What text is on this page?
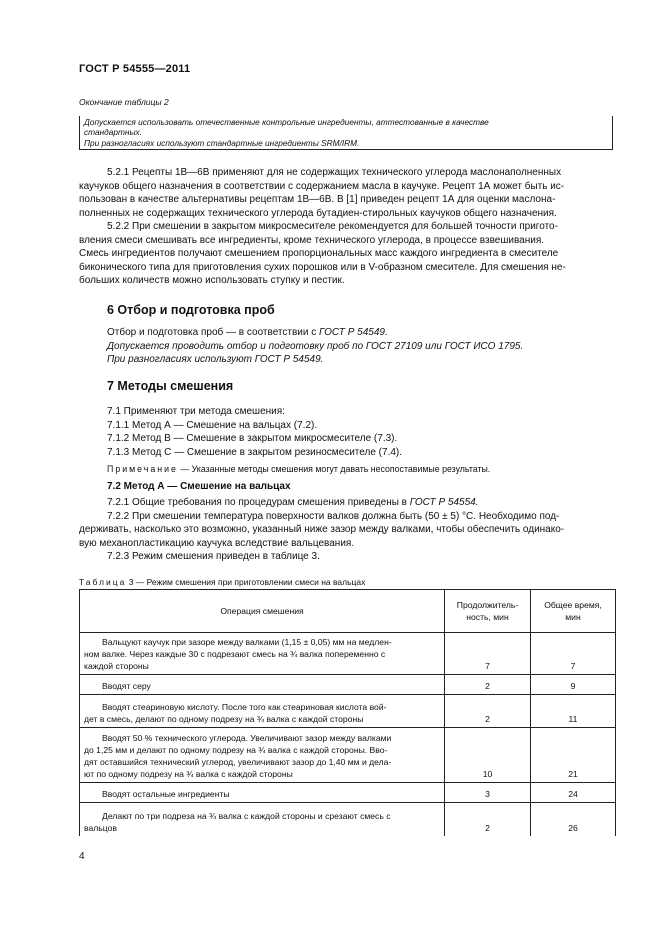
ГОСТ Р 54555—2011
Окончание таблицы 2
Допускается использовать отечественные контрольные ингредиенты, аттестованные в качестве
стандартных.
При разногласиях используют стандартные ингредиенты SRM/IRM.
5.2.1 Рецепты 1В—6В применяют для не содержащих технического углерода маслонаполненных
каучуков общего назначения в соответствии с содержанием масла в каучуке. Рецепт 1А может быть ис-
пользован в качестве альтернативы рецептам 1В—6В. В [1] приведен рецепт 1А для оценки маслона-
полненных не содержащих технического углерода бутадиен-стирольных каучуков общего назначения.
5.2.2 При смешении в закрытом микросмесителе рекомендуется для большей точности пригото-
вления смеси смешивать все ингредиенты, кроме технического углерода, в процессе взвешивания.
Смесь ингредиентов получают смешением пропорциональных масс каждого ингредиента в смесителе
биконического типа для приготовления сухих порошков или в V-образном смесителе. Для смешения не-
больших количеств можно использовать ступку и пестик.
6 Отбор и подготовка проб
Отбор и подготовка проб — в соответствии с ГОСТ Р 54549.
Допускается проводить отбор и подготовку проб по ГОСТ 27109 или ГОСТ ИСО 1795.
При разногласиях используют ГОСТ Р 54549.
7 Методы смешения
7.1 Применяют три метода смешения:
7.1.1 Метод А — Смешение на вальцах (7.2).
7.1.2 Метод В — Смешение в закрытом микросмесителе (7.3).
7.1.3 Метод С — Смешение в закрытом резиносмесителе (7.4).
Примечание — Указанные методы смешения могут давать несопоставимые результаты.
7.2 Метод А — Смешение на вальцах
7.2.1 Общие требования по процедурам смешения приведены в ГОСТ Р 54554.
7.2.2 При смешении температура поверхности валков должна быть (50 ± 5) °С. Необходимо под-
держивать, насколько это возможно, указанный ниже зазор между валками, чтобы обеспечить одинако-
вую механопластикацию каучука вследствие вальцевания.
7.2.3 Режим смешения приведен в таблице 3.
Таблица 3 — Режим смешения при приготовлении смеси на вальцах
Операция смешения	Продолжитель-
ность, мин	Общее время,
мин

Вальцуют каучук при зазоре между валками (1,15 ± 0,05) мм на медлен-
ном валке. Через каждые 30 с подрезают смесь на ¾ валка попеременно с
каждой стороны	7	7

Вводят серу	2	9

Вводят стеариновую кислоту. После того как стеариновая кислота вой-
дет в смесь, делают по одному подрезу на ¾ валка с каждой стороны	2	11

Вводят 50 % технического углерода. Увеличивают зазор между валками
до 1,25 мм и делают по одному подрезу на ¾ валка с каждой стороны. Вво-
дят оставшийся технический углерод, увеличивают зазор до 1,40 мм и дела-
ют по одному подрезу на ¾ валка с каждой стороны	10	21

Вводят остальные ингредиенты	3	24

Делают по три подреза на ¾ валка с каждой стороны и срезают смесь с
вальцов	2	26
4
